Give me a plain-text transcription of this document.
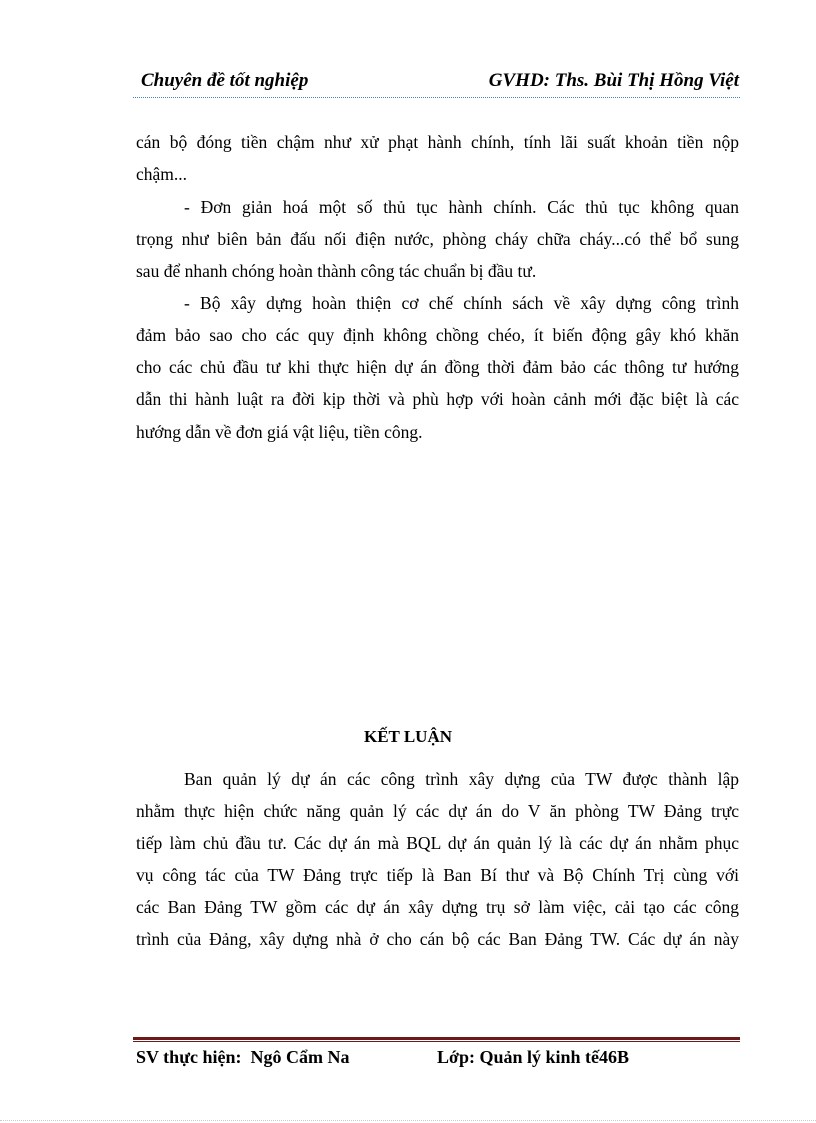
Chuyên đề tốt nghiệp	GVHD: Ths. Bùi Thị Hồng Việt
cán bộ đóng tiền chậm như xử phạt hành chính, tính lãi suất khoản tiền nộp
chậm...
- Đơn giản hoá một số thủ tục hành chính. Các thủ tục không quan
trọng như biên bản đấu nối điện nước, phòng cháy chữa cháy...có thể bổ sung
sau để nhanh chóng hoàn thành công tác chuẩn bị đầu tư.
- Bộ xây dựng hoàn thiện cơ chế chính sách về xây dựng công trình
đảm bảo sao cho các quy định không chồng chéo, ít biến động gây khó khăn
cho các chủ đầu tư khi thực hiện dự án đồng thời đảm bảo các thông tư hướng
dẫn thi hành luật ra đời kịp thời và phù hợp với hoàn cảnh mới đặc biệt là các
hướng dẫn về đơn giá vật liệu, tiền công.
KẾT LUẬN
Ban quản lý dự án các công trình xây dựng của TW được thành lập
nhằm thực hiện chức năng quản lý các dự án do V ăn phòng TW Đảng trực
tiếp làm chủ đầu tư. Các dự án mà BQL dự án quản lý là các dự án nhằm phục
vụ công tác của TW Đảng trực tiếp là Ban Bí thư và Bộ Chính Trị cùng với
các Ban Đảng TW gồm các dự án xây dựng trụ sở làm việc, cải tạo các công
trình của Đảng, xây dựng nhà ở cho cán bộ các Ban Đảng TW. Các dự án này
SV thực hiện:  Ngô Cẩm Na	Lớp: Quản lý kinh tế46B
